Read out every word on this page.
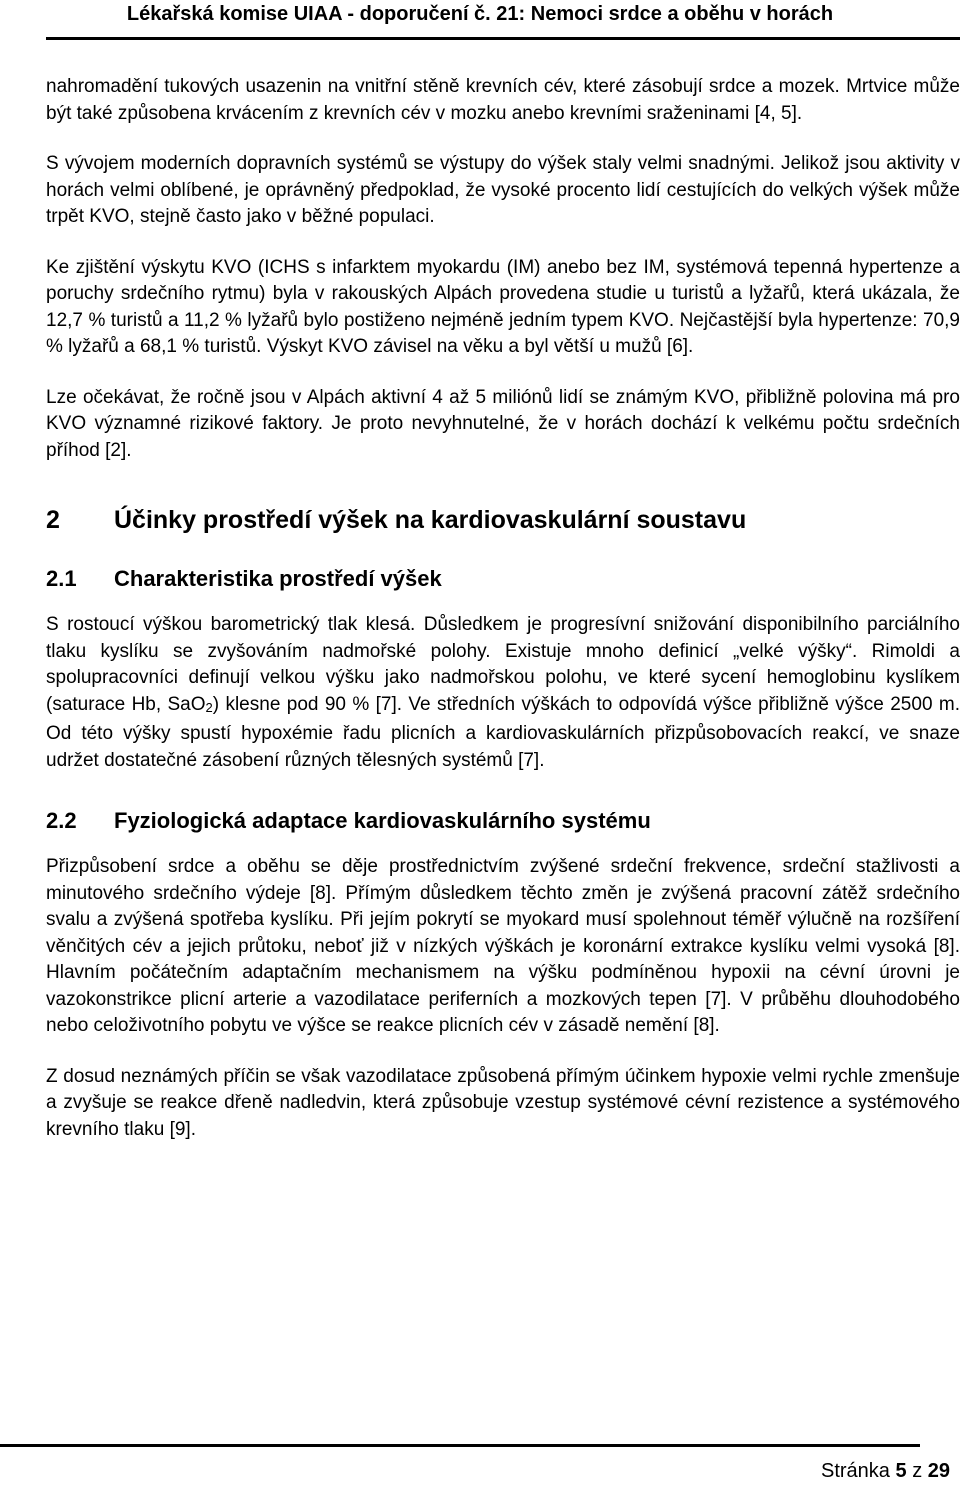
Lékařská komise UIAA - doporučení č. 21: Nemoci srdce a oběhu v horách

nahromadění tukových usazenin na vnitřní stěně krevních cév, které zásobují srdce a mozek. Mrtvice může být také způsobena krvácením z krevních cév v mozku anebo krevními sraženinami [4, 5].

S vývojem moderních dopravních systémů se výstupy do výšek staly velmi snadnými. Jelikož jsou aktivity v horách velmi oblíbené, je oprávněný předpoklad, že vysoké procento lidí cestujících do velkých výšek může trpět KVO, stejně často jako v běžné populaci.

Ke zjištění výskytu KVO (ICHS s infarktem myokardu (IM) anebo bez IM, systémová tepenná hypertenze a poruchy srdečního rytmu) byla v rakouských Alpách provedena studie u turistů a lyžařů, která ukázala, že 12,7 % turistů a 11,2 % lyžařů bylo postiženo nejméně jedním typem KVO. Nejčastější byla hypertenze: 70,9 % lyžařů a 68,1 % turistů. Výskyt KVO závisel na věku a byl větší u mužů [6].

Lze očekávat, že ročně jsou v Alpách aktivní 4 až 5 miliónů lidí se známým KVO, přibližně polovina má pro KVO významné rizikové faktory. Je proto nevyhnutelné, že v horách dochází k velkému počtu srdečních příhod [2].

2 Účinky prostředí výšek na kardiovaskulární soustavu
2.1 Charakteristika prostředí výšek

S rostoucí výškou barometrický tlak klesá. Důsledkem je progresívní snižování disponibilního parciálního tlaku kyslíku se zvyšováním nadmořské polohy. Existuje mnoho definicí „velké výšky“. Rimoldi a spolupracovníci definují velkou výšku jako nadmořskou polohu, ve které sycení hemoglobinu kyslíkem (saturace Hb, SaO$_2$) klesne pod 90 % [7]. Ve středních výškách to odpovídá výšce přibližně výšce 2500 m. Od této výšky spustí hypoxémie řadu plicních a kardiovaskulárních přizpůsobovacích reakcí, ve snaze udržet dostatečné zásobení různých tělesných systémů [7].

2.2 Fyziologická adaptace kardiovaskulárního systému

Přizpůsobení srdce a oběhu se děje prostřednictvím zvýšené srdeční frekvence, srdeční stažlivosti a minutového srdečního výdeje [8]. Přímým důsledkem těchto změn je zvýšená pracovní zátěž srdečního svalu a zvýšená spotřeba kyslíku. Při jejím pokrytí se myokard musí spolehnout téměř výlučně na rozšíření věnčitých cév a jejich průtoku, neboť již v nízkých výškách je koronární extrakce kyslíku velmi vysoká [8]. Hlavním počátečním adaptačním mechanismem na výšku podmíněnou hypoxii na cévní úrovni je vazokonstrikce plicní arterie a vazodilatace periferních a mozkových tepen [7]. V průběhu dlouhodobého nebo celoživotního pobytu ve výšce se reakce plicních cév v zásadě nemění [8].

Z dosud neznámých příčin se však vazodilatace způsobená přímým účinkem hypoxie velmi rychle zmenšuje a zvyšuje se reakce dřeně nadledvin, která způsobuje vzestup systémové cévní rezistence a systémového krevního tlaku [9].

Stránka 5 z 29
